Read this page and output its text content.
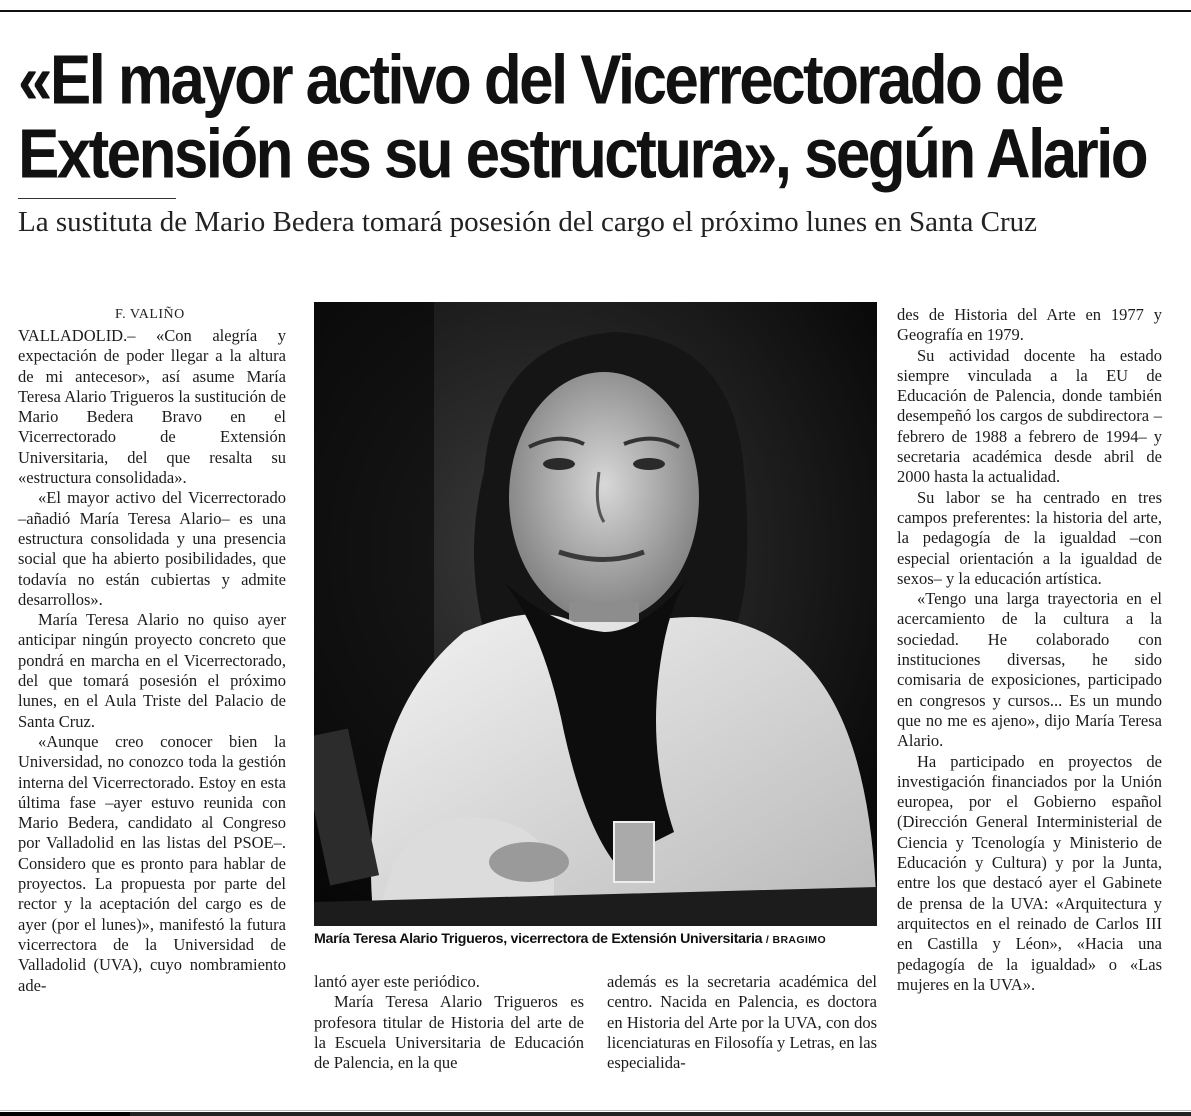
«El mayor activo del Vicerrectorado de Extensión es su estructura», según Alario
La sustituta de Mario Bedera tomará posesión del cargo el próximo lunes en Santa Cruz
F. VALIÑO

VALLADOLID.– «Con alegría y expectación de poder llegar a la altura de mi antecesor», así asume María Teresa Alario Trigueros la sustitución de Mario Bedera Bravo en el Vicerrectorado de Extensión Universitaria, del que resalta su «estructura consolidada».

«El mayor activo del Vicerrectorado –añadió María Teresa Alario– es una estructura consolidada y una presencia social que ha abierto posibilidades, que todavía no están cubiertas y admite desarrollos».

María Teresa Alario no quiso ayer anticipar ningún proyecto concreto que pondrá en marcha en el Vicerrectorado, del que tomará posesión el próximo lunes, en el Aula Triste del Palacio de Santa Cruz.

«Aunque creo conocer bien la Universidad, no conozco toda la gestión interna del Vicerrectorado. Estoy en esta última fase –ayer estuvo reunida con Mario Bedera, candidato al Congreso por Valladolid en las listas del PSOE–. Considero que es pronto para hablar de proyectos. La propuesta por parte del rector y la aceptación del cargo es de ayer (por el lunes)», manifestó la futura vicerrectora de la Universidad de Valladolid (UVA), cuyo nombramiento ade-

María Teresa Alario Trigueros, vicerrectora de Extensión Universitaria / BRAGIMO

lantó ayer este periódico.

María Teresa Alario Trigueros es profesora titular de Historia del arte de la Escuela Universitaria de Educación de Palencia, en la que

además es la secretaria académica del centro. Nacida en Palencia, es doctora en Historia del Arte por la UVA, con dos licenciaturas en Filosofía y Letras, en las especialida-

des de Historia del Arte en 1977 y Geografía en 1979.

Su actividad docente ha estado siempre vinculada a la EU de Educación de Palencia, donde también desempeñó los cargos de subdirectora –febrero de 1988 a febrero de 1994– y secretaria académica desde abril de 2000 hasta la actualidad.

Su labor se ha centrado en tres campos preferentes: la historia del arte, la pedagogía de la igualdad –con especial orientación a la igualdad de sexos– y la educación artística.

«Tengo una larga trayectoria en el acercamiento de la cultura a la sociedad. He colaborado con instituciones diversas, he sido comisaria de exposiciones, participado en congresos y cursos... Es un mundo que no me es ajeno», dijo María Teresa Alario.

Ha participado en proyectos de investigación financiados por la Unión europea, por el Gobierno español (Dirección General Interministerial de Ciencia y Tcenología y Ministerio de Educación y Cultura) y por la Junta, entre los que destacó ayer el Gabinete de prensa de la UVA: «Arquitectura y arquitectos en el reinado de Carlos III en Castilla y Léon», «Hacia una pedagogía de la igualdad» o «Las mujeres en la UVA».
